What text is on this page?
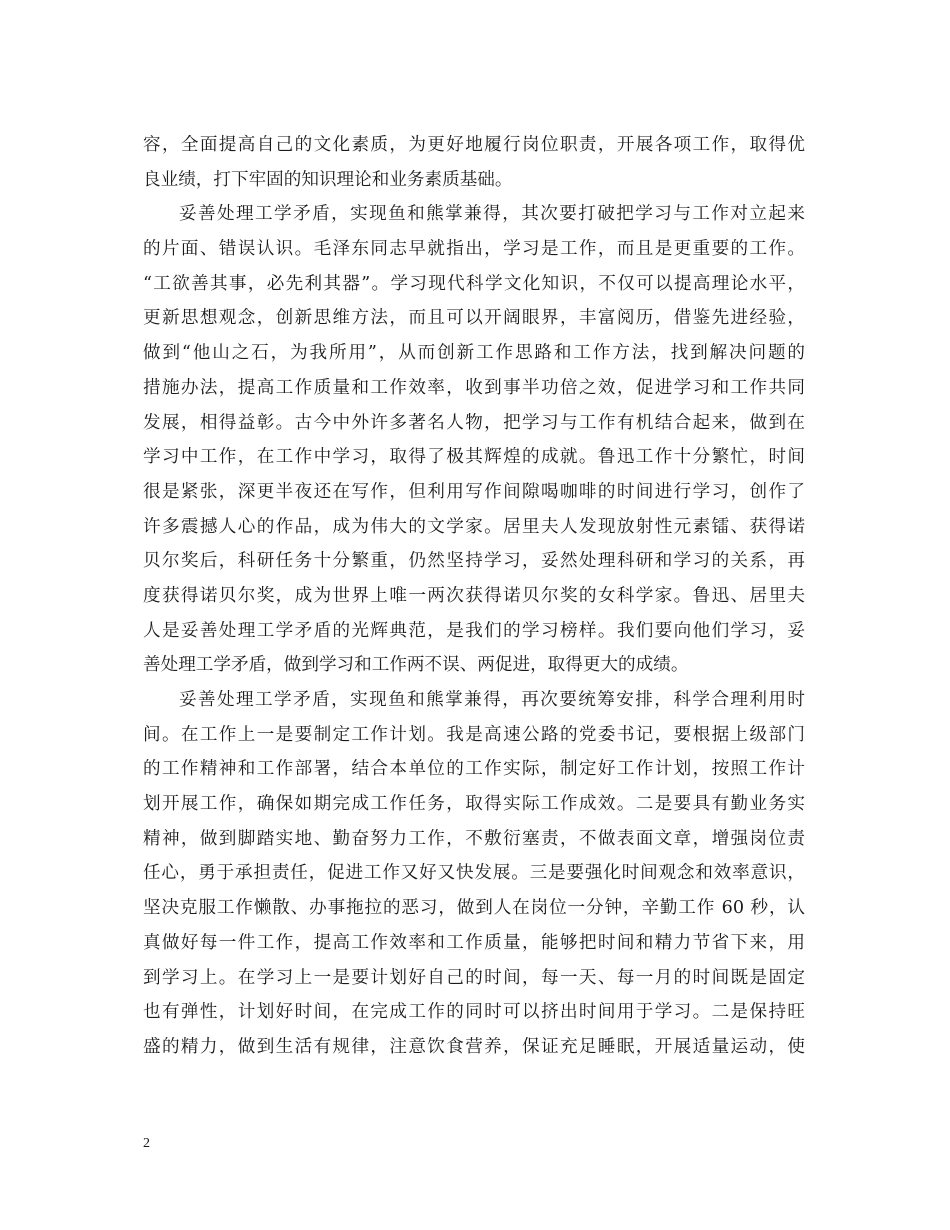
容，全面提高自己的文化素质，为更好地履行岗位职责，开展各项工作，取得优
良业绩，打下牢固的知识理论和业务素质基础。
妥善处理工学矛盾，实现鱼和熊掌兼得，其次要打破把学习与工作对立起来
的片面、错误认识。毛泽东同志早就指出，学习是工作，而且是更重要的工作。
“工欲善其事，必先利其器”。学习现代科学文化知识，不仅可以提高理论水平，
更新思想观念，创新思维方法，而且可以开阔眼界，丰富阅历，借鉴先进经验，
做到“他山之石，为我所用”，从而创新工作思路和工作方法，找到解决问题的
措施办法，提高工作质量和工作效率，收到事半功倍之效，促进学习和工作共同
发展，相得益彰。古今中外许多著名人物，把学习与工作有机结合起来，做到在
学习中工作，在工作中学习，取得了极其辉煌的成就。鲁迅工作十分繁忙，时间
很是紧张，深更半夜还在写作，但利用写作间隙喝咖啡的时间进行学习，创作了
许多震撼人心的作品，成为伟大的文学家。居里夫人发现放射性元素镭、获得诺
贝尔奖后，科研任务十分繁重，仍然坚持学习，妥然处理科研和学习的关系，再
度获得诺贝尔奖，成为世界上唯一两次获得诺贝尔奖的女科学家。鲁迅、居里夫
人是妥善处理工学矛盾的光辉典范，是我们的学习榜样。我们要向他们学习，妥
善处理工学矛盾，做到学习和工作两不误、两促进，取得更大的成绩。
妥善处理工学矛盾，实现鱼和熊掌兼得，再次要统筹安排，科学合理利用时
间。在工作上一是要制定工作计划。我是高速公路的党委书记，要根据上级部门
的工作精神和工作部署，结合本单位的工作实际，制定好工作计划，按照工作计
划开展工作，确保如期完成工作任务，取得实际工作成效。二是要具有勤业务实
精神，做到脚踏实地、勤奋努力工作，不敷衍塞责，不做表面文章，增强岗位责
任心，勇于承担责任，促进工作又好又快发展。三是要强化时间观念和效率意识，
坚决克服工作懒散、办事拖拉的恶习，做到人在岗位一分钟，辛勤工作 60 秒，认
真做好每一件工作，提高工作效率和工作质量，能够把时间和精力节省下来，用
到学习上。在学习上一是要计划好自己的时间，每一天、每一月的时间既是固定
也有弹性，计划好时间，在完成工作的同时可以挤出时间用于学习。二是保持旺
盛的精力，做到生活有规律，注意饮食营养，保证充足睡眠，开展适量运动，使
2
